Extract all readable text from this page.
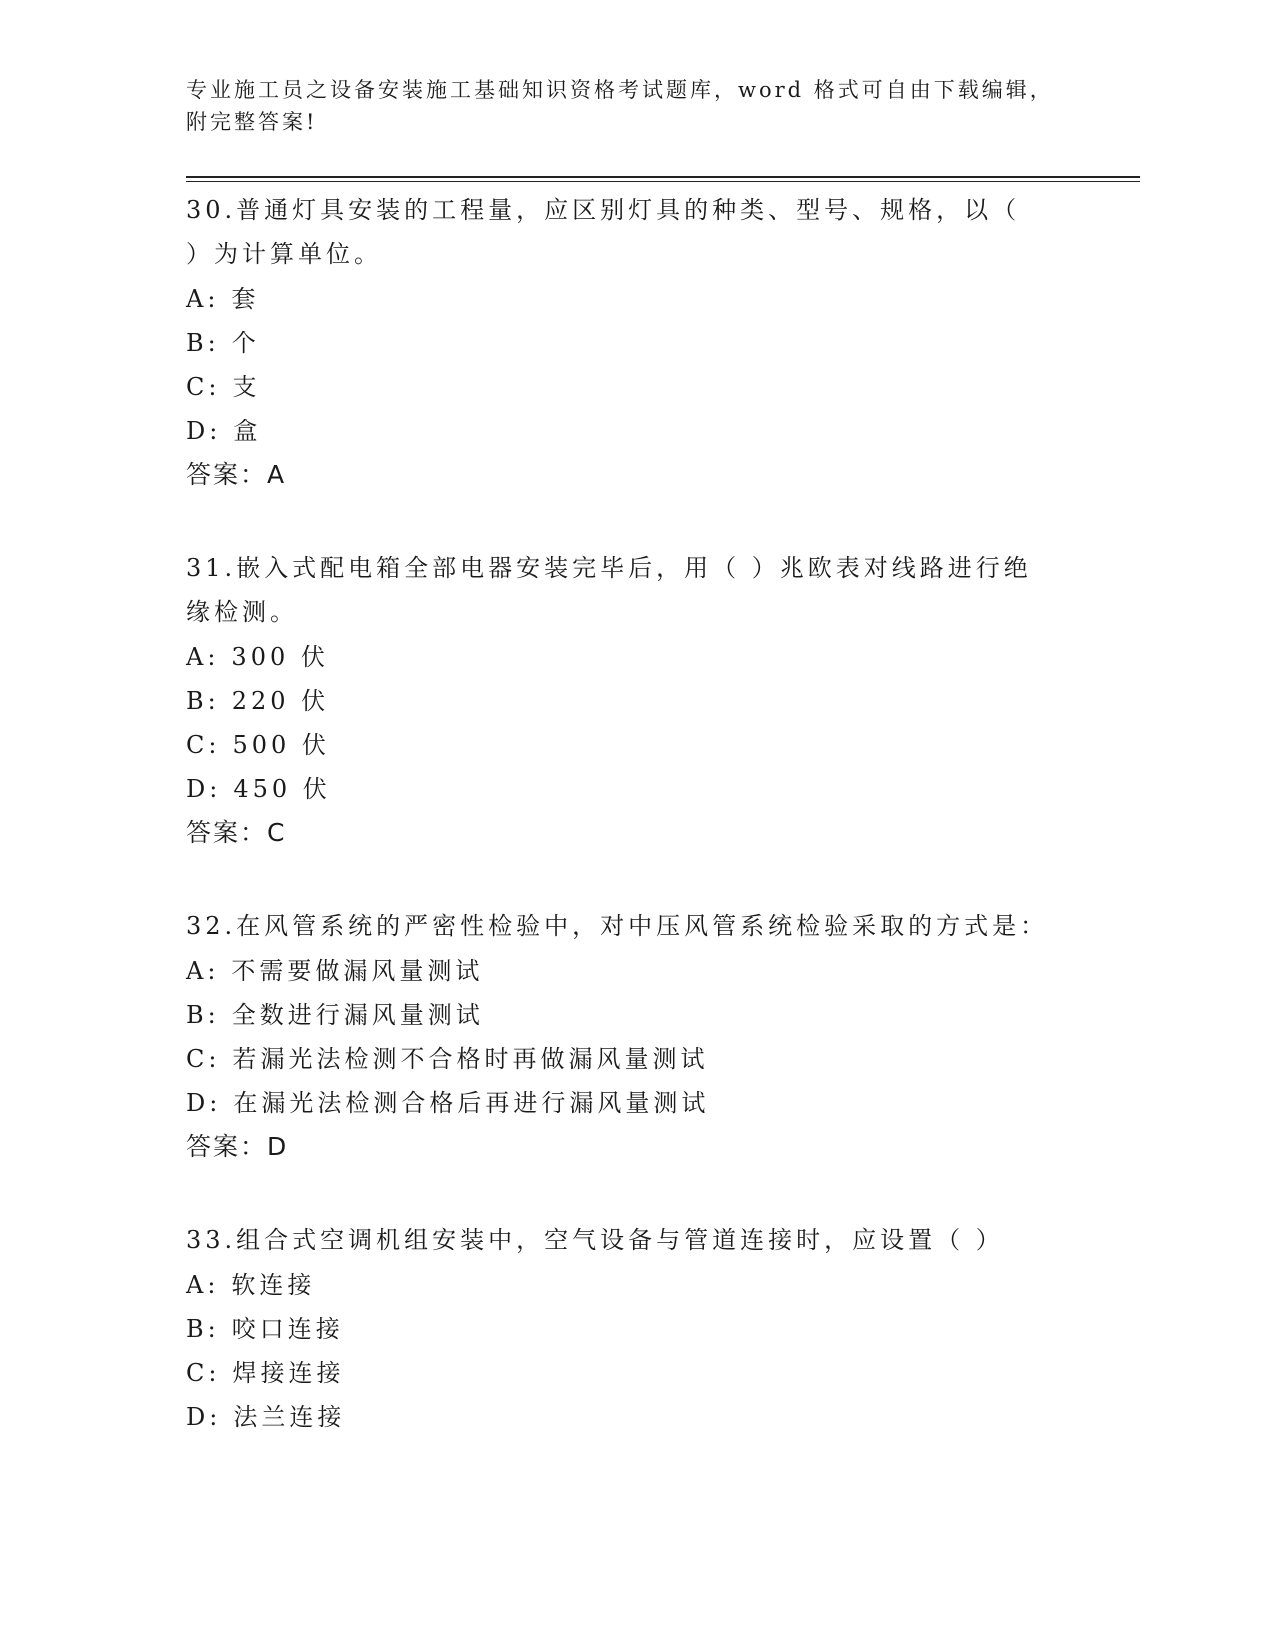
专业施工员之设备安装施工基础知识资格考试题库，word 格式可自由下载编辑，
附完整答案!
30.普通灯具安装的工程量，应区别灯具的种类、型号、规格，以（
）为计算单位。
A: 套
B: 个
C: 支
D: 盒
答案：A
31.嵌入式配电箱全部电器安装完毕后，用（ ）兆欧表对线路进行绝
缘检测。
A: 300 伏
B: 220 伏
C: 500 伏
D: 450 伏
答案：C
32.在风管系统的严密性检验中，对中压风管系统检验采取的方式是：
A: 不需要做漏风量测试
B: 全数进行漏风量测试
C: 若漏光法检测不合格时再做漏风量测试
D: 在漏光法检测合格后再进行漏风量测试
答案：D
33.组合式空调机组安装中，空气设备与管道连接时，应设置（ ）
A: 软连接
B: 咬口连接
C: 焊接连接
D: 法兰连接
